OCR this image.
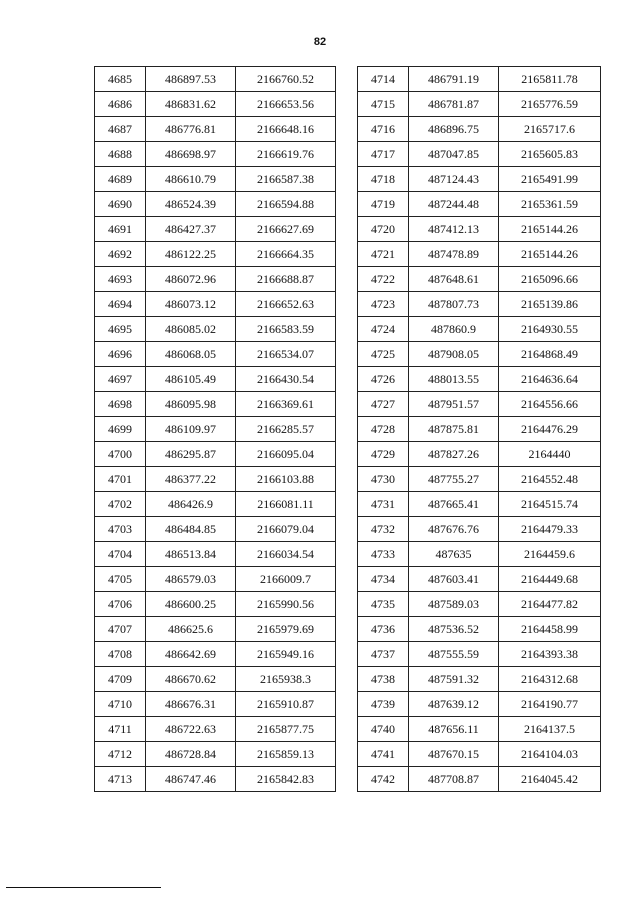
82
4685	486897.53	2166760.52
4686	486831.62	2166653.56
4687	486776.81	2166648.16
4688	486698.97	2166619.76
4689	486610.79	2166587.38
4690	486524.39	2166594.88
4691	486427.37	2166627.69
4692	486122.25	2166664.35
4693	486072.96	2166688.87
4694	486073.12	2166652.63
4695	486085.02	2166583.59
4696	486068.05	2166534.07
4697	486105.49	2166430.54
4698	486095.98	2166369.61
4699	486109.97	2166285.57
4700	486295.87	2166095.04
4701	486377.22	2166103.88
4702	486426.9	2166081.11
4703	486484.85	2166079.04
4704	486513.84	2166034.54
4705	486579.03	2166009.7
4706	486600.25	2165990.56
4707	486625.6	2165979.69
4708	486642.69	2165949.16
4709	486670.62	2165938.3
4710	486676.31	2165910.87
4711	486722.63	2165877.75
4712	486728.84	2165859.13
4713	486747.46	2165842.83
4714	486791.19	2165811.78
4715	486781.87	2165776.59
4716	486896.75	2165717.6
4717	487047.85	2165605.83
4718	487124.43	2165491.99
4719	487244.48	2165361.59
4720	487412.13	2165144.26
4721	487478.89	2165144.26
4722	487648.61	2165096.66
4723	487807.73	2165139.86
4724	487860.9	2164930.55
4725	487908.05	2164868.49
4726	488013.55	2164636.64
4727	487951.57	2164556.66
4728	487875.81	2164476.29
4729	487827.26	2164440
4730	487755.27	2164552.48
4731	487665.41	2164515.74
4732	487676.76	2164479.33
4733	487635	2164459.6
4734	487603.41	2164449.68
4735	487589.03	2164477.82
4736	487536.52	2164458.99
4737	487555.59	2164393.38
4738	487591.32	2164312.68
4739	487639.12	2164190.77
4740	487656.11	2164137.5
4741	487670.15	2164104.03
4742	487708.87	2164045.42
